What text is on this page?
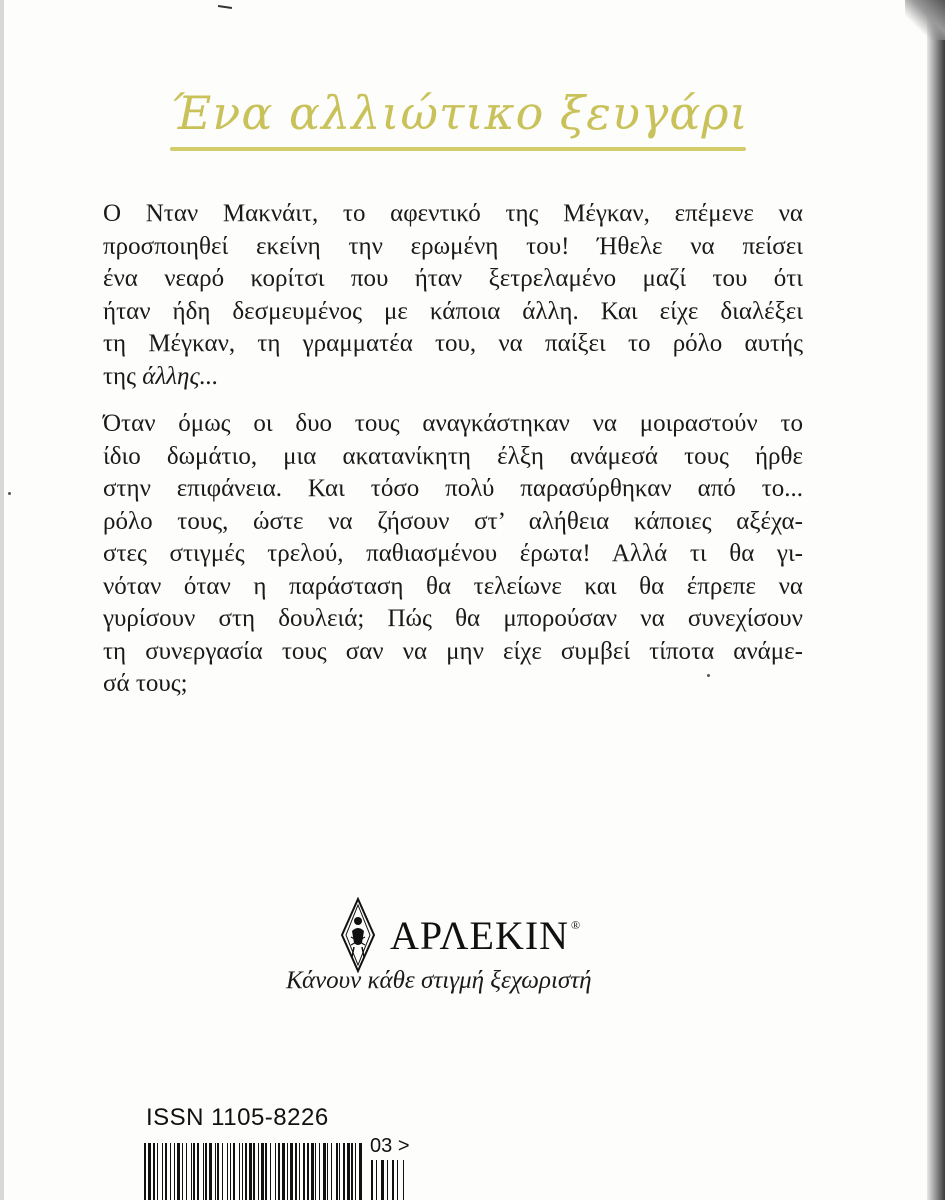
Ένα αλλιώτικο ξευγάρι
Ο Νταν Μακνάιτ, το αφεντικό της Μέγκαν, επέμενε να
προσποιηθεί εκείνη την ερωμένη του! Ήθελε να πείσει
ένα νεαρό κορίτσι που ήταν ξετρελαμένο μαζί του ότι
ήταν ήδη δεσμευμένος με κάποια άλλη. Και είχε διαλέξει
τη Μέγκαν, τη γραμματέα του, να παίξει το ρόλο αυτής
της άλλης...
Όταν όμως οι δυο τους αναγκάστηκαν να μοιραστούν το
ίδιο δωμάτιο, μια ακατανίκητη έλξη ανάμεσά τους ήρθε
στην επιφάνεια. Και τόσο πολύ παρασύρθηκαν από το...
ρόλο τους, ώστε να ζήσουν στ’ αλήθεια κάποιες αξέχα-
στες στιγμές τρελού, παθιασμένου έρωτα! Αλλά τι θα γι-
νόταν όταν η παράσταση θα τελείωνε και θα έπρεπε να
γυρίσουν στη δουλειά; Πώς θα μπορούσαν να συνεχίσουν
τη συνεργασία τους σαν να μην είχε συμβεί τίποτα ανάμε-
σά τους;
ΑΡΛΕΚΙΝ ®
Κάνουν κάθε στιγμή ξεχωριστή
ISSN 1105-8226
03 >
